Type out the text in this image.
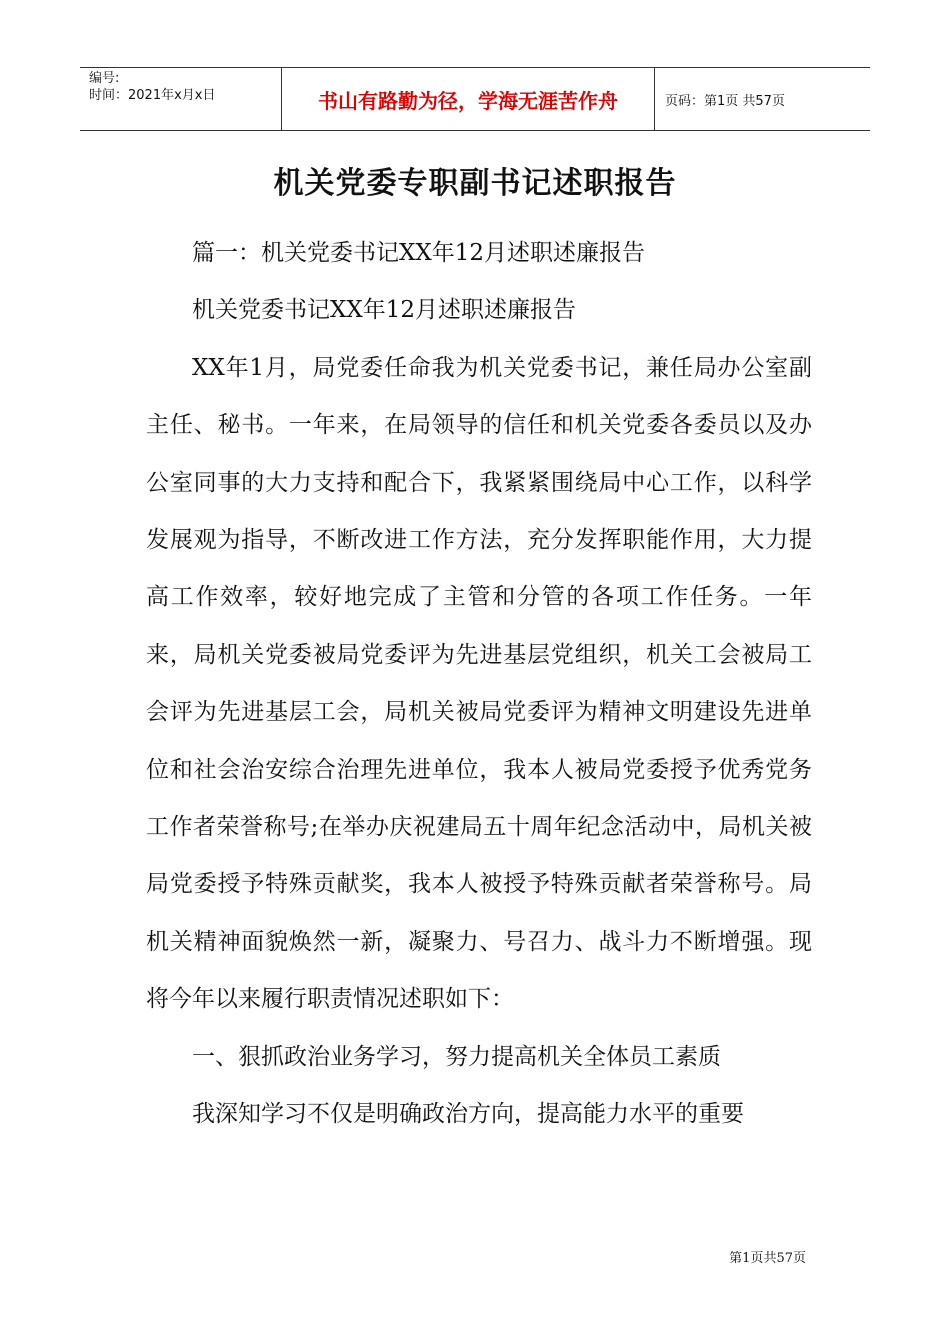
编号:
时间：2021年x月x日	书山有路勤为径，学海无涯苦作舟	页码：第1页 共57页
机关党委专职副书记述职报告

篇一：机关党委书记XX年12月述职述廉报告

机关党委书记XX年12月述职述廉报告

XX年1月，局党委任命我为机关党委书记，兼任局办公室副主任、秘书。一年来，在局领导的信任和机关党委各委员以及办公室同事的大力支持和配合下，我紧紧围绕局中心工作，以科学发展观为指导，不断改进工作方法，充分发挥职能作用，大力提高工作效率，较好地完成了主管和分管的各项工作任务。一年来，局机关党委被局党委评为先进基层党组织，机关工会被局工会评为先进基层工会，局机关被局党委评为精神文明建设先进单位和社会治安综合治理先进单位，我本人被局党委授予优秀党务工作者荣誉称号;在举办庆祝建局五十周年纪念活动中，局机关被局党委授予特殊贡献奖，我本人被授予特殊贡献者荣誉称号。局机关精神面貌焕然一新，凝聚力、号召力、战斗力不断增强。现将今年以来履行职责情况述职如下：

一、狠抓政治业务学习，努力提高机关全体员工素质

我深知学习不仅是明确政治方向，提高能力水平的重要

第1页共57页
